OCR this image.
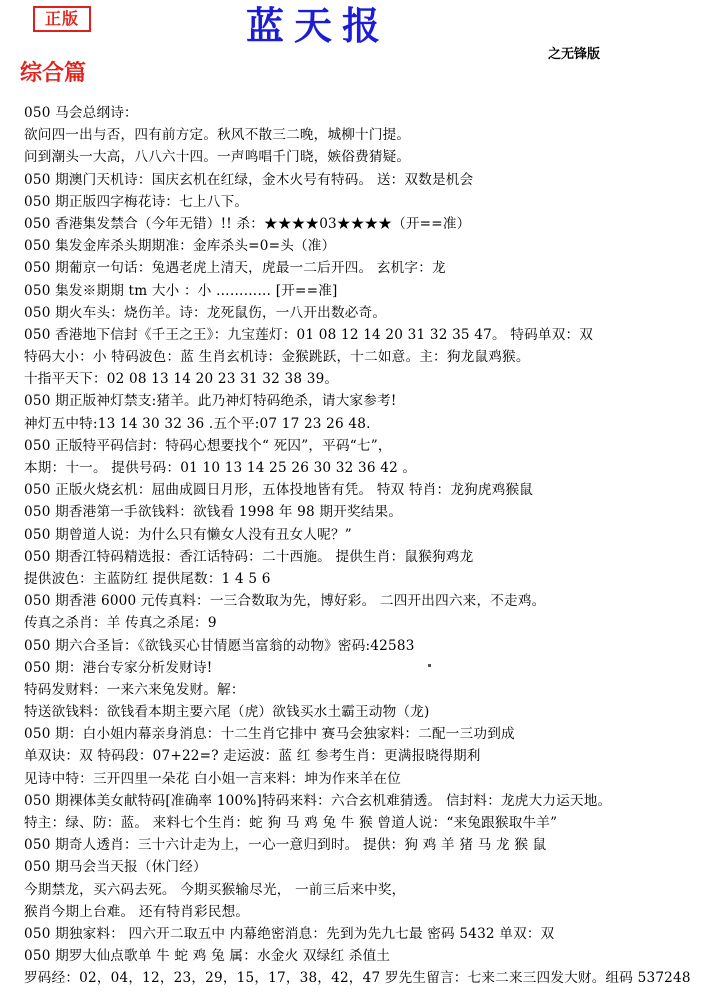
正版	蓝天报
之无锋版
综合篇
050 马会总纲诗：
欲问四一出与否，四有前方定。秋风不散三二晚，城柳十门提。
问到潮头一大高，八八六十四。一声鸣唱千门晓，嫉俗费猜疑。
050 期澳门天机诗：国庆玄机在红绿，金木火号有特码。 送：双数是机会
050 期正版四字梅花诗：七上八下。
050 香港集发禁合（今年无错）!! 杀：★★★★03★★★★（开==准）
050 集发金库杀头期期准：金库杀头=0=头（准）
050 期葡京一句话：兔遇老虎上清天，虎最一二后开四。 玄机字：龙
050 集发※期期 tm 大小 ：小 ………… [开==准]
050 期火车头：烧伤羊。诗：龙死鼠伤，一八开出数必奇。
050 香港地下信封《千王之王》：九宝莲灯：01 08 12 14 20 31 32 35 47。 特码单双：双
特码大小：小 特码波色：蓝 生肖玄机诗：金猴跳跃，十二如意。主：狗龙鼠鸡猴。
十指平天下：02 08 13 14 20 23 31 32 38 39。
050 期正版神灯禁支:猪羊。此乃神灯特码绝杀，请大家参考!
神灯五中特:13 14 30 32 36 .五个平:07 17 23 26 48.
050 正版特平码信封：特码心想要找个“ 死囚”，平码“七”，
本期：十一。 提供号码：01 10 13 14 25 26 30 32 36 42 。
050 正版火烧玄机：屈曲成圆日月形，五体投地皆有凭。 特双 特肖：龙狗虎鸡猴鼠
050 期香港第一手欲钱料：欲钱看 1998 年 98 期开奖结果。
050 期曾道人说：为什么只有懒女人没有丑女人呢？”
050 期香江特码精选报：香江话特码：二十西施。 提供生肖：鼠猴狗鸡龙
提供波色：主蓝防红 提供尾数：1 4 5 6
050 期香港 6000 元传真料：一三合数取为先，博好彩。 二四开出四六来，不走鸡。
传真之杀肖：羊 传真之杀尾：9
050 期六合圣旨：《欲钱买心甘情愿当富翁的动物》密码:42583
050 期：港台专家分析发财诗!
特码发财料：一来六来兔发财。解：
特送欲钱料：欲钱看本期主要六尾（虎）欲钱买水土霸王动物（龙)
050 期：白小姐内幕亲身消息：十二生肖它排中 赛马会独家料：二配一三功到成
单双诀：双 特码段：07+22=? 走运波：蓝 红 参考生肖：更满报晓得期利
见诗中特：三开四里一朵花 白小姐一言来料：坤为作来羊在位
050 期裸体美女献特码[准确率 100%]特码来料：六合玄机难猜透。 信封料：龙虎大力运天地。
特主：绿、防：蓝。 来料七个生肖：蛇 狗 马 鸡 兔 牛 猴 曾道人说：“来兔跟猴取牛羊”
050 期奇人透肖：三十六计走为上，一心一意归到时。 提供：狗 鸡 羊 猪 马 龙 猴 鼠
050 期马会当天报（休门经）
今期禁龙，买六码去死。 今期买猴输尽光， 一前三后来中奖，
猴肖今期上台难。 还有特肖彩民想。
050 期独家料： 四六开二取五中 内幕绝密消息：先到为先九七最 密码 5432 单双：双
050 期罗大仙点歌单 牛 蛇 鸡 兔 属：水金火 双绿红 杀值土
罗码经：02，04，12，23，29，15，17，38，42，47 罗先生留言：七来二来三四发大财。组码 537248
